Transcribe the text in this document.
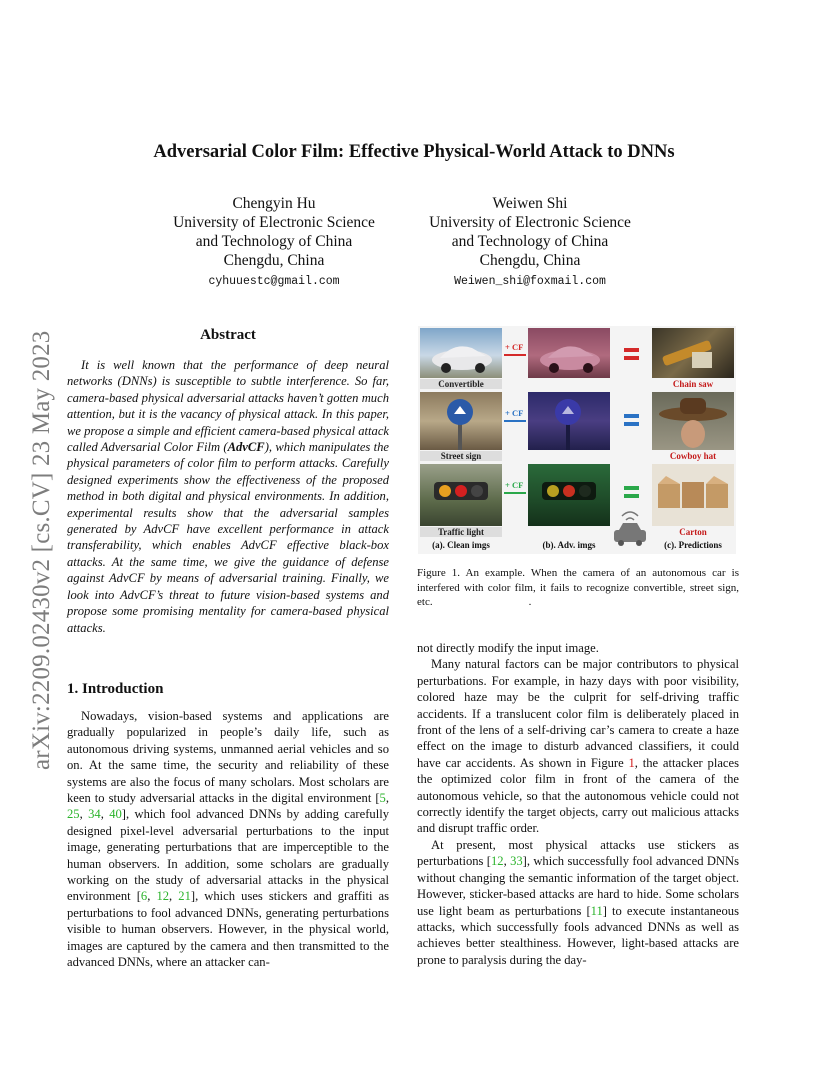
arXiv:2209.02430v2 [cs.CV] 23 May 2023
Adversarial Color Film: Effective Physical-World Attack to DNNs
Chengyin Hu
University of Electronic Science
and Technology of China
Chengdu, China
cyhuuestc@gmail.com
Weiwen Shi
University of Electronic Science
and Technology of China
Chengdu, China
Weiwen_shi@foxmail.com
Abstract
It is well known that the performance of deep neural networks (DNNs) is susceptible to subtle interference. So far, camera-based physical adversarial attacks haven’t gotten much attention, but it is the vacancy of physical attack. In this paper, we propose a simple and efficient camera-based physical attack called Adversarial Color Film (AdvCF), which manipulates the physical parameters of color film to perform attacks. Carefully designed experiments show the effectiveness of the proposed method in both digital and physical environments. In addition, experimental results show that the adversarial samples generated by AdvCF have excellent performance in attack transferability, which enables AdvCF effective black-box attacks. At the same time, we give the guidance of defense against AdvCF by means of adversarial training. Finally, we look into AdvCF’s threat to future vision-based systems and propose some promising mentality for camera-based physical attacks.
1. Introduction
Nowadays, vision-based systems and applications are gradually popularized in people’s daily life, such as autonomous driving systems, unmanned aerial vehicles and so on. At the same time, the security and reliability of these systems are also the focus of many scholars. Most scholars are keen to study adversarial attacks in the digital environment [5, 25, 34, 40], which fool advanced DNNs by adding carefully designed pixel-level adversarial perturbations to the input image, generating perturbations that are imperceptible to the human observers. In addition, some scholars are gradually working on the study of adversarial attacks in the physical environment [6, 12, 21], which uses stickers and graffiti as perturbations to fool advanced DNNs, generating perturbations visible to human observers. However, in the physical world, images are captured by the camera and then transmitted to the advanced DNNs, where an attacker can-
Convertible
+ CF
Chain saw
Street sign
+ CF
Cowboy hat
Traffic light
+ CF
Carton
(a). Clean imgs	(b). Adv. imgs	(c). Predictions
Figure 1. An example. When the camera of an autonomous car is interfered with color film, it fails to recognize convertible, street sign, etc.	.

not directly modify the input image.

Many natural factors can be major contributors to physical perturbations. For example, in hazy days with poor visibility, colored haze may be the culprit for self-driving traffic accidents. If a translucent color film is deliberately placed in front of the lens of a self-driving car’s camera to create a haze effect on the image to disturb advanced classifiers, it could have car accidents. As shown in Figure 1, the attacker places the optimized color film in front of the camera of the autonomous vehicle, so that the autonomous vehicle could not correctly identify the target objects, carry out malicious attacks and disrupt traffic order.

At present, most physical attacks use stickers as perturbations [12, 33], which successfully fool advanced DNNs without changing the semantic information of the target object. However, sticker-based attacks are hard to hide. Some scholars use light beam as perturbations [11] to execute instantaneous attacks, which successfully fools advanced DNNs as well as achieves better stealthiness. However, light-based attacks are prone to paralysis during the day-
